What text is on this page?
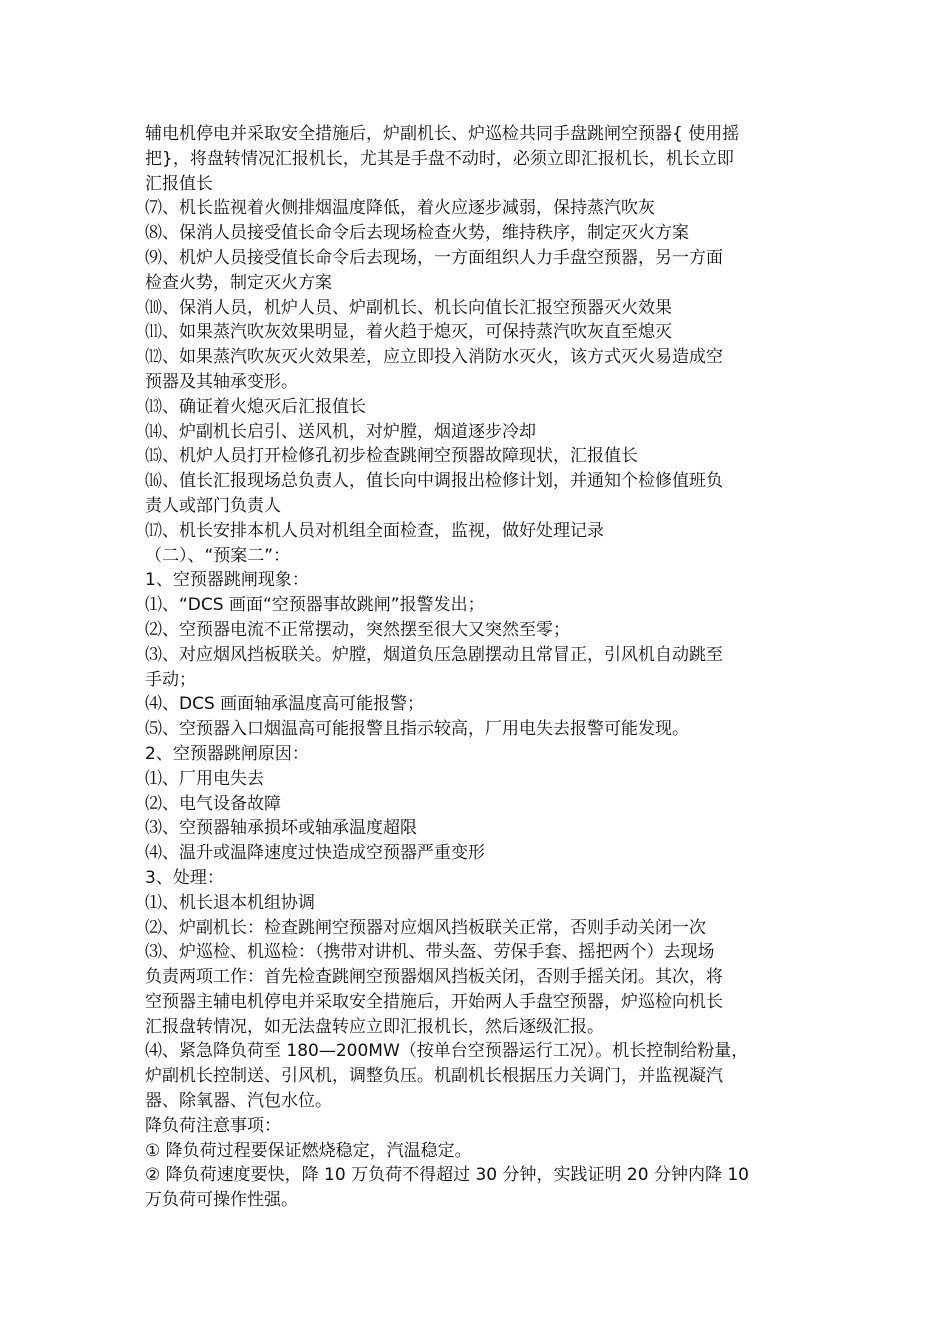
辅电机停电并采取安全措施后，炉副机长、炉巡检共同手盘跳闸空预器{ 使用摇
把}，将盘转情况汇报机长，尤其是手盘不动时，必须立即汇报机长，机长立即
汇报值长
⑺、机长监视着火侧排烟温度降低，着火应逐步减弱，保持蒸汽吹灰
⑻、保消人员接受值长命令后去现场检查火势，维持秩序，制定灭火方案
⑼、机炉人员接受值长命令后去现场，一方面组织人力手盘空预器，另一方面
检查火势，制定灭火方案
⑽、保消人员，机炉人员、炉副机长、机长向值长汇报空预器灭火效果
⑾、如果蒸汽吹灰效果明显，着火趋于熄灭，可保持蒸汽吹灰直至熄灭
⑿、如果蒸汽吹灰灭火效果差，应立即投入消防水灭火，该方式灭火易造成空
预器及其轴承变形。
⒀、确证着火熄灭后汇报值长
⒁、炉副机长启引、送风机，对炉膛，烟道逐步冷却
⒂、机炉人员打开检修孔初步检查跳闸空预器故障现状，汇报值长
⒃、值长汇报现场总负责人，值长向中调报出检修计划，并通知个检修值班负
责人或部门负责人
⒄、机长安排本机人员对机组全面检查，监视，做好处理记录
（二）、“预案二”：
1、空预器跳闸现象：
⑴、“DCS 画面“空预器事故跳闸”报警发出；
⑵、空预器电流不正常摆动，突然摆至很大又突然至零；
⑶、对应烟风挡板联关。炉膛，烟道负压急剧摆动且常冒正，引风机自动跳至
手动；
⑷、DCS 画面轴承温度高可能报警；
⑸、空预器入口烟温高可能报警且指示较高，厂用电失去报警可能发现。
2、空预器跳闸原因：
⑴、厂用电失去
⑵、电气设备故障
⑶、空预器轴承损坏或轴承温度超限
⑷、温升或温降速度过快造成空预器严重变形
3、处理：
⑴、机长退本机组协调
⑵、炉副机长：检查跳闸空预器对应烟风挡板联关正常，否则手动关闭一次
⑶、炉巡检、机巡检：（携带对讲机、带头盔、劳保手套、摇把两个）去现场
负责两项工作：首先检查跳闸空预器烟风挡板关闭，否则手摇关闭。其次，将
空预器主辅电机停电并采取安全措施后，开始两人手盘空预器，炉巡检向机长
汇报盘转情况，如无法盘转应立即汇报机长，然后逐级汇报。
⑷、紧急降负荷至 180—200MW（按单台空预器运行工况）。机长控制给粉量，
炉副机长控制送、引风机，调整负压。机副机长根据压力关调门，并监视凝汽
器、除氧器、汽包水位。
降负荷注意事项：
① 降负荷过程要保证燃烧稳定，汽温稳定。
② 降负荷速度要快，降 10 万负荷不得超过 30 分钟，实践证明 20 分钟内降 10
万负荷可操作性强。
